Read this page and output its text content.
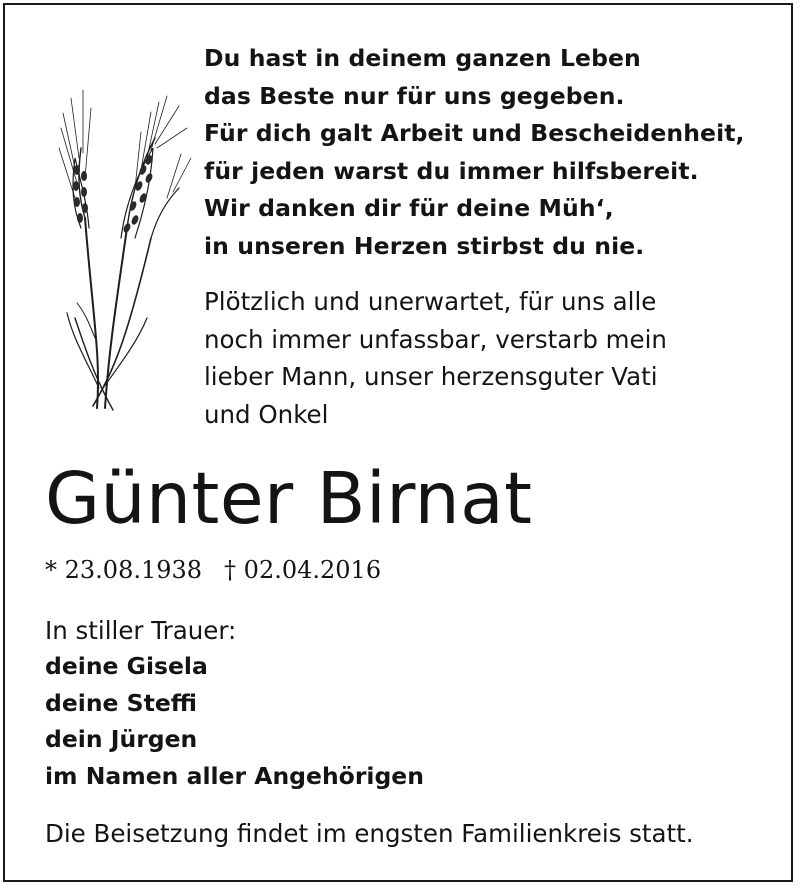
Du hast in deinem ganzen Leben
das Beste nur für uns gegeben.
Für dich galt Arbeit und Bescheidenheit,
für jeden warst du immer hilfsbereit.
Wir danken dir für deine Müh‘,
in unseren Herzen stirbst du nie.
Plötzlich und unerwartet, für uns alle
noch immer unfassbar, verstarb mein
lieber Mann, unser herzensguter Vati
und Onkel
Günter Birnat
* 23.08.1938 † 02.04.2016
In stiller Trauer:
deine Gisela
deine Steffi
dein Jürgen
im Namen aller Angehörigen
Die Beisetzung findet im engsten Familienkreis statt.
